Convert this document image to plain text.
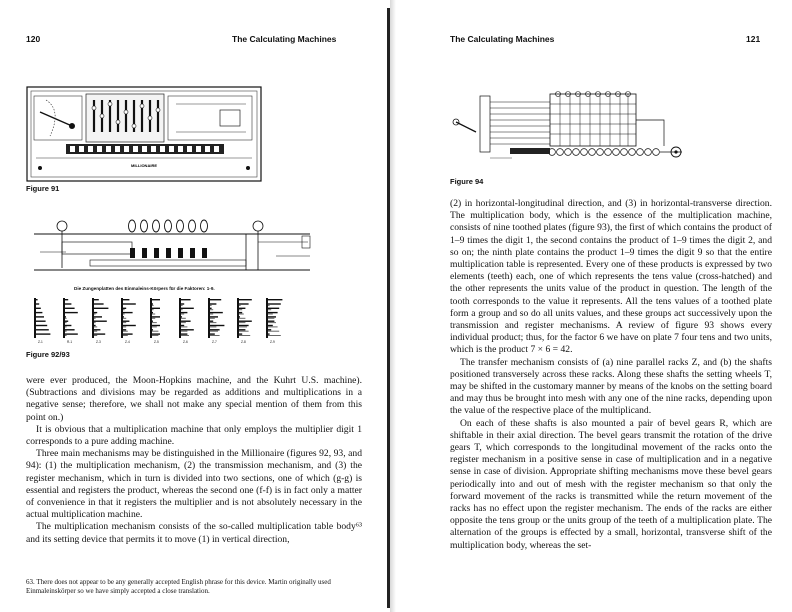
120	The Calculating Machines
MILLIONAIRE
Figure 91
Die Zungenplatten des Einmaleins-Körpers für die Faktoren: 1-9.
Z-1	R-1	Z-3	Z-4	Z-5	Z-6	Z-7	Z-8	Z-9
Figure 92/93

were ever produced, the Moon-Hopkins machine, and the Kuhrt U.S. machine). (Subtractions and divisions may be regarded as additions and multiplications in a negative sense; therefore, we shall not make any special mention of them from this point on.)

It is obvious that a multiplication machine that only employs the multiplier digit 1 corresponds to a pure adding machine.

Three main mechanisms may be distinguished in the Millionaire (figures 92, 93, and 94): (1) the multiplication mechanism, (2) the transmission mechanism, and (3) the register mechanism, which in turn is divided into two sections, one of which (g-g) is essential and registers the product, whereas the second one (f-f) is in fact only a matter of convenience in that it registers the multiplier and is not absolutely necessary in the actual multiplication machine.

The multiplication mechanism consists of the so-called multiplication table body⁶³ and its setting device that permits it to move (1) in vertical direction,

63. There does not appear to be any generally accepted English phrase for this device. Martin originally used Einmaleinskörper so we have simply accepted a close translation.

The Calculating Machines	121
Figure 94

(2) in horizontal-longitudinal direction, and (3) in horizontal-transverse direction. The multiplication body, which is the essence of the multiplication machine, consists of nine toothed plates (figure 93), the first of which contains the product of 1–9 times the digit 1, the second contains the product of 1–9 times the digit 2, and so on; the ninth plate contains the product 1–9 times the digit 9 so that the entire multiplication table is represented. Every one of these products is expressed by two elements (teeth) each, one of which represents the tens value (cross-hatched) and the other represents the units value of the product in question. The length of the tooth corresponds to the value it represents. All the tens values of a toothed plate form a group and so do all units values, and these groups act successively upon the transmission and register mechanisms. A review of figure 93 shows every individual product; thus, for the factor 6 we have on plate 7 four tens and two units, which is the product 7 × 6 = 42.

The transfer mechanism consists of (a) nine parallel racks Z, and (b) the shafts positioned transversely across these racks. Along these shafts the setting wheels T, may be shifted in the customary manner by means of the knobs on the setting board and may thus be brought into mesh with any one of the nine racks, depending upon the value of the respective place of the multiplicand.

On each of these shafts is also mounted a pair of bevel gears R, which are shiftable in their axial direction. The bevel gears transmit the rotation of the drive gears T, which corresponds to the longitudinal movement of the racks onto the register mechanism in a positive sense in case of multiplication and in a negative sense in case of division. Appropriate shifting mechanisms move these bevel gears periodically into and out of mesh with the register mechanism so that only the forward movement of the racks is transmitted while the return movement of the racks has no effect upon the register mechanism. The ends of the racks are either opposite the tens group or the units group of the teeth of a multiplication plate. The alternation of the groups is effected by a small, horizontal, transverse shift of the multiplication body, whereas the set-
